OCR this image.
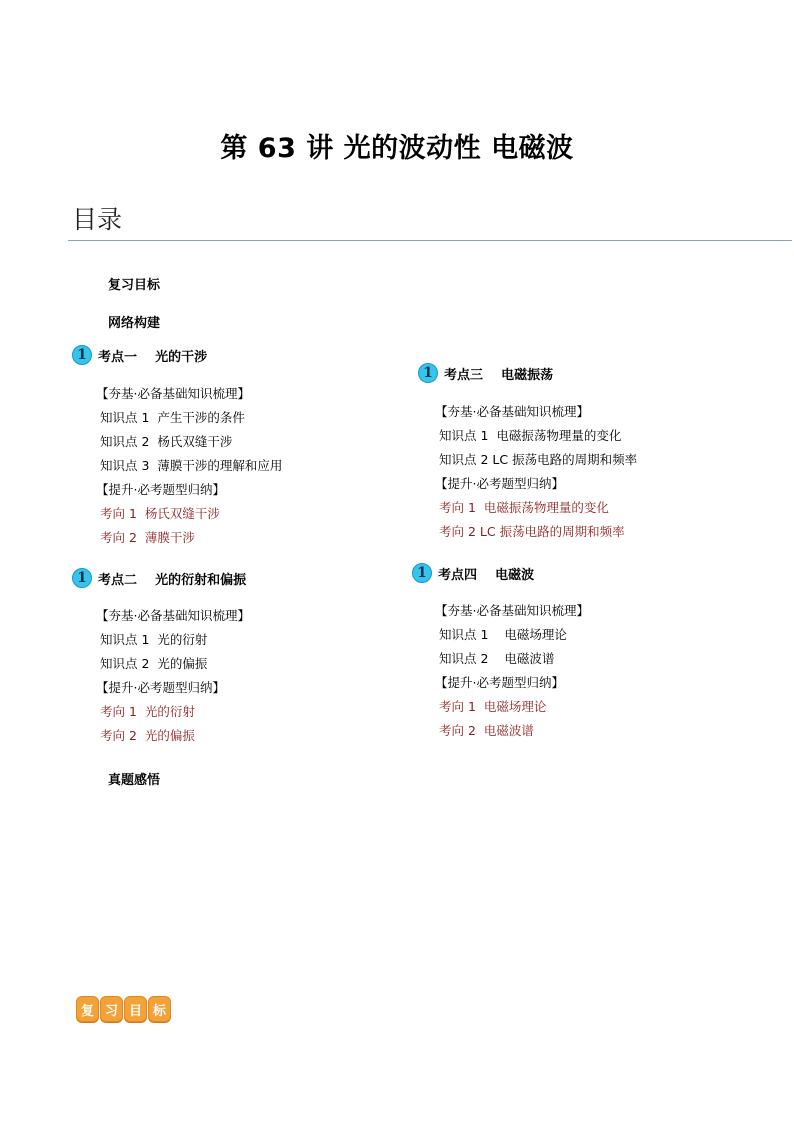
第 63 讲 光的波动性 电磁波
目录
复习目标
网络构建
1 考点一    光的干涉
【夯基·必备基础知识梳理】
知识点 1  产生干涉的条件
知识点 2  杨氏双缝干涉
知识点 3  薄膜干涉的理解和应用
【提升·必考题型归纳】
考向 1  杨氏双缝干涉
考向 2  薄膜干涉
1 考点二    光的衍射和偏振
【夯基·必备基础知识梳理】
知识点 1  光的衍射
知识点 2  光的偏振
【提升·必考题型归纳】
考向 1  光的衍射
考向 2  光的偏振
1 考点三    电磁振荡
【夯基·必备基础知识梳理】
知识点 1  电磁振荡物理量的变化
知识点 2 LC 振荡电路的周期和频率
【提升·必考题型归纳】
考向 1  电磁振荡物理量的变化
考向 2 LC 振荡电路的周期和频率
1 考点四    电磁波
【夯基·必备基础知识梳理】
知识点 1    电磁场理论
知识点 2    电磁波谱
【提升·必考题型归纳】
考向 1  电磁场理论
考向 2  电磁波谱
真题感悟
复 习 目 标
